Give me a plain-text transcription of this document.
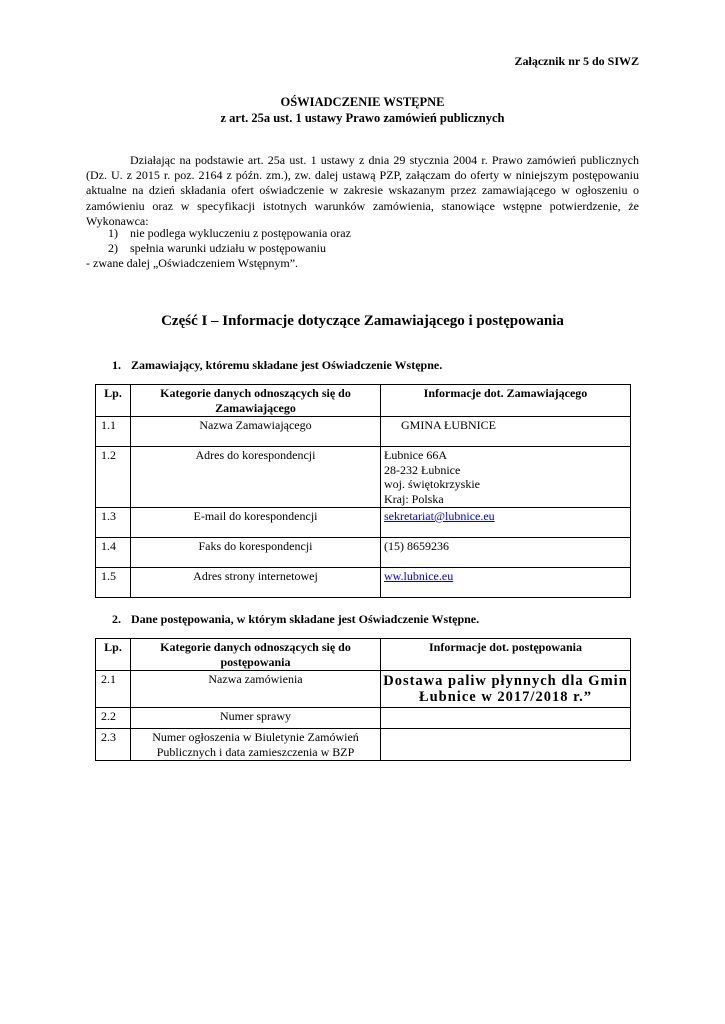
Załącznik nr 5 do SIWZ
OŚWIADCZENIE WSTĘPNE
z art. 25a ust. 1 ustawy Prawo zamówień publicznych

Działając na podstawie art. 25a ust. 1 ustawy z dnia 29 stycznia 2004 r. Prawo zamówień publicznych (Dz. U. z 2015 r. poz. 2164 z późn. zm.), zw. dalej ustawą PZP, załączam do oferty w niniejszym postępowaniu aktualne na dzień składania ofert oświadczenie w zakresie wskazanym przez zamawiającego w ogłoszeniu o zamówieniu oraz w specyfikacji istotnych warunków zamówienia, stanowiące wstępne potwierdzenie, że Wykonawca:

1) nie podlega wykluczeniu z postępowania oraz
2) spełnia warunki udziału w postępowaniu
- zwane dalej „Oświadczeniem Wstępnym”.
Część I – Informacje dotyczące Zamawiającego i postępowania
1. Zamawiający, któremu składane jest Oświadczenie Wstępne.
Lp.	Kategorie danych odnoszących się do Zamawiającego	Informacje dot. Zamawiającego
1.1	Nazwa Zamawiającego	GMINA ŁUBNICE
1.2	Adres do korespondencji	Łubnice 66A
28-232 Łubnice
woj. świętokrzyskie
Kraj: Polska

1.3	E-mail do korespondencji	sekretariat@lubnice.eu
1.4	Faks do korespondencji	(15) 8659236
1.5	Adres strony internetowej	ww.lubnice.eu
2. Dane postępowania, w którym składane jest Oświadczenie Wstępne.
Lp.	Kategorie danych odnoszących się do postępowania	Informacje dot. postępowania
2.1	Nazwa zamówienia	Dostawa paliw płynnych dla Gmin
Łubnice w 2017/2018 r.”

2.2	Numer sprawy	
2.3	Numer ogłoszenia w Biuletynie Zamówień
Publicznych i data zamieszczenia w BZP	
